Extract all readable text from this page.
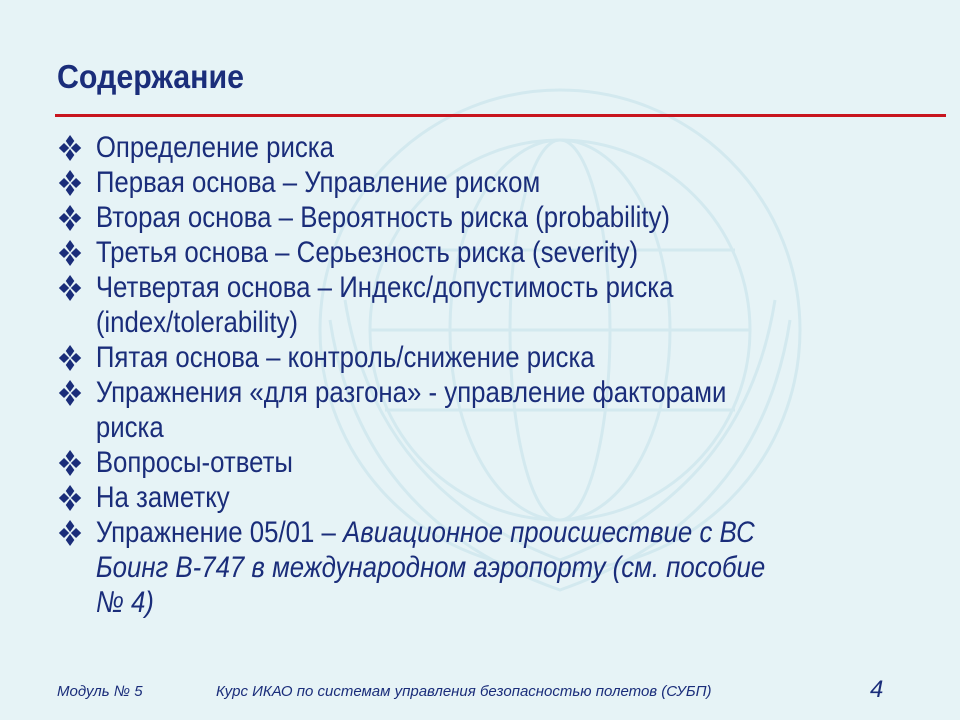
Содержание
Определение риска
Первая основа – Управление риском
Вторая основа – Вероятность риска (probability)
Третья основа – Серьезность риска (severity)
Четвертая основа – Индекс/допустимость риска
(index/tolerability)
Пятая основа – контроль/снижение риска
Упражнения «для разгона» - управление факторами
риска
Вопросы-ответы
На заметку
Упражнение 05/01 – Авиационное происшествие с ВС
Боинг B-747 в международном аэропорту (см. пособие
№ 4)
Модуль № 5	Курс ИКАО по системам управления безопасностью полетов (СУБП)	4
